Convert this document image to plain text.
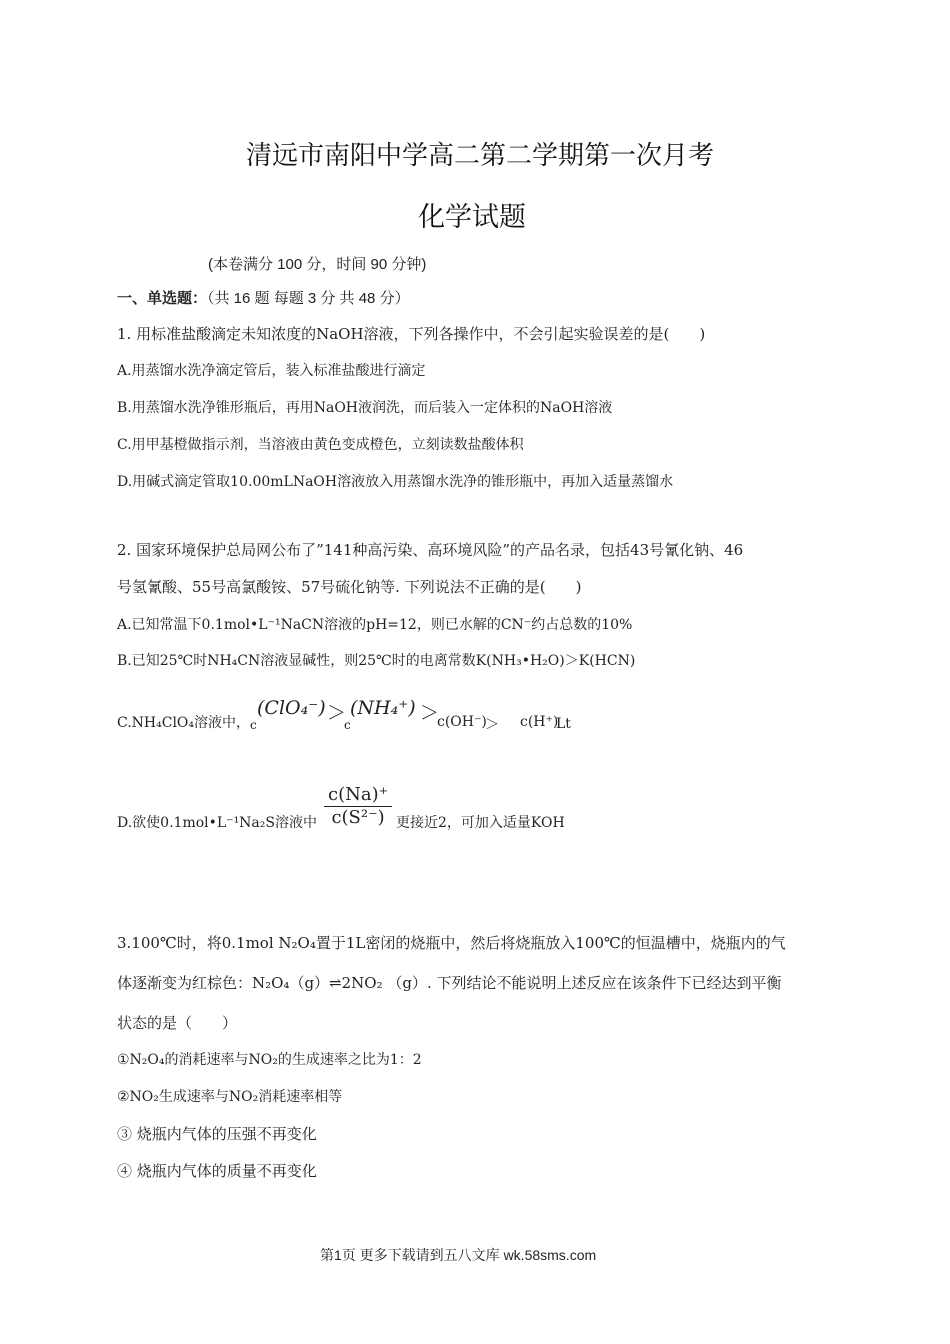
清远市南阳中学高二第二学期第一次月考
化学试题
(本卷满分 100 分，时间 90 分钟)
一、单选题：（共 16 题 每题 3 分 共 48 分）
1. 用标准盐酸滴定未知浓度的NaOH溶液，下列各操作中，不会引起实验误差的是(　　)
A.用蒸馏水洗净滴定管后，装入标准盐酸进行滴定
B.用蒸馏水洗净锥形瓶后，再用NaOH液润洗，而后装入一定体积的NaOH溶液
C.用甲基橙做指示剂，当溶液由黄色变成橙色，立刻读数盐酸体积
D.用碱式滴定管取10.00mLNaOH溶液放入用蒸馏水洗净的锥形瓶中，再加入适量蒸馏水
2. 国家环境保护总局网公布了”141种高污染、高环境风险”的产品名录，包括43号氰化钠、46
号氢氰酸、55号高氯酸铵、57号硫化钠等. 下列说法不正确的是(　　)
A.已知常温下0.1mol•L⁻¹NaCN溶液的pH=12，则已水解的CN⁻约占总数的10%
B.已知25℃时NH₄CN溶液显碱性，则25℃时的电离常数K(NH₃•H₂O)＞K(HCN)
C.NH₄ClO₄溶液中， c
(ClO₄⁻) ＞
c
(NH₄⁺) ＞
c(OH⁻)
＞ c(H⁺)
Lt
D.欲使0.1mol•L⁻¹Na₂S溶液中 $\frac{c(Na)^+}{\text{c(S²⁻)}}$ 更接近2，可加入适量KOH
3.100℃时，将0.1mol N₂O₄置于1L密闭的烧瓶中，然后将烧瓶放入100℃的恒温槽中，烧瓶内的气
体逐渐变为红棕色：N₂O₄（g）⇌2NO₂ （g）. 下列结论不能说明上述反应在该条件下已经达到平衡
状态的是（　　）
①N₂O₄的消耗速率与NO₂的生成速率之比为1：2
②NO₂生成速率与NO₂消耗速率相等
③ 烧瓶内气体的压强不再变化
④ 烧瓶内气体的质量不再变化
第1页 更多下载请到五八文库 wk.58sms.com
